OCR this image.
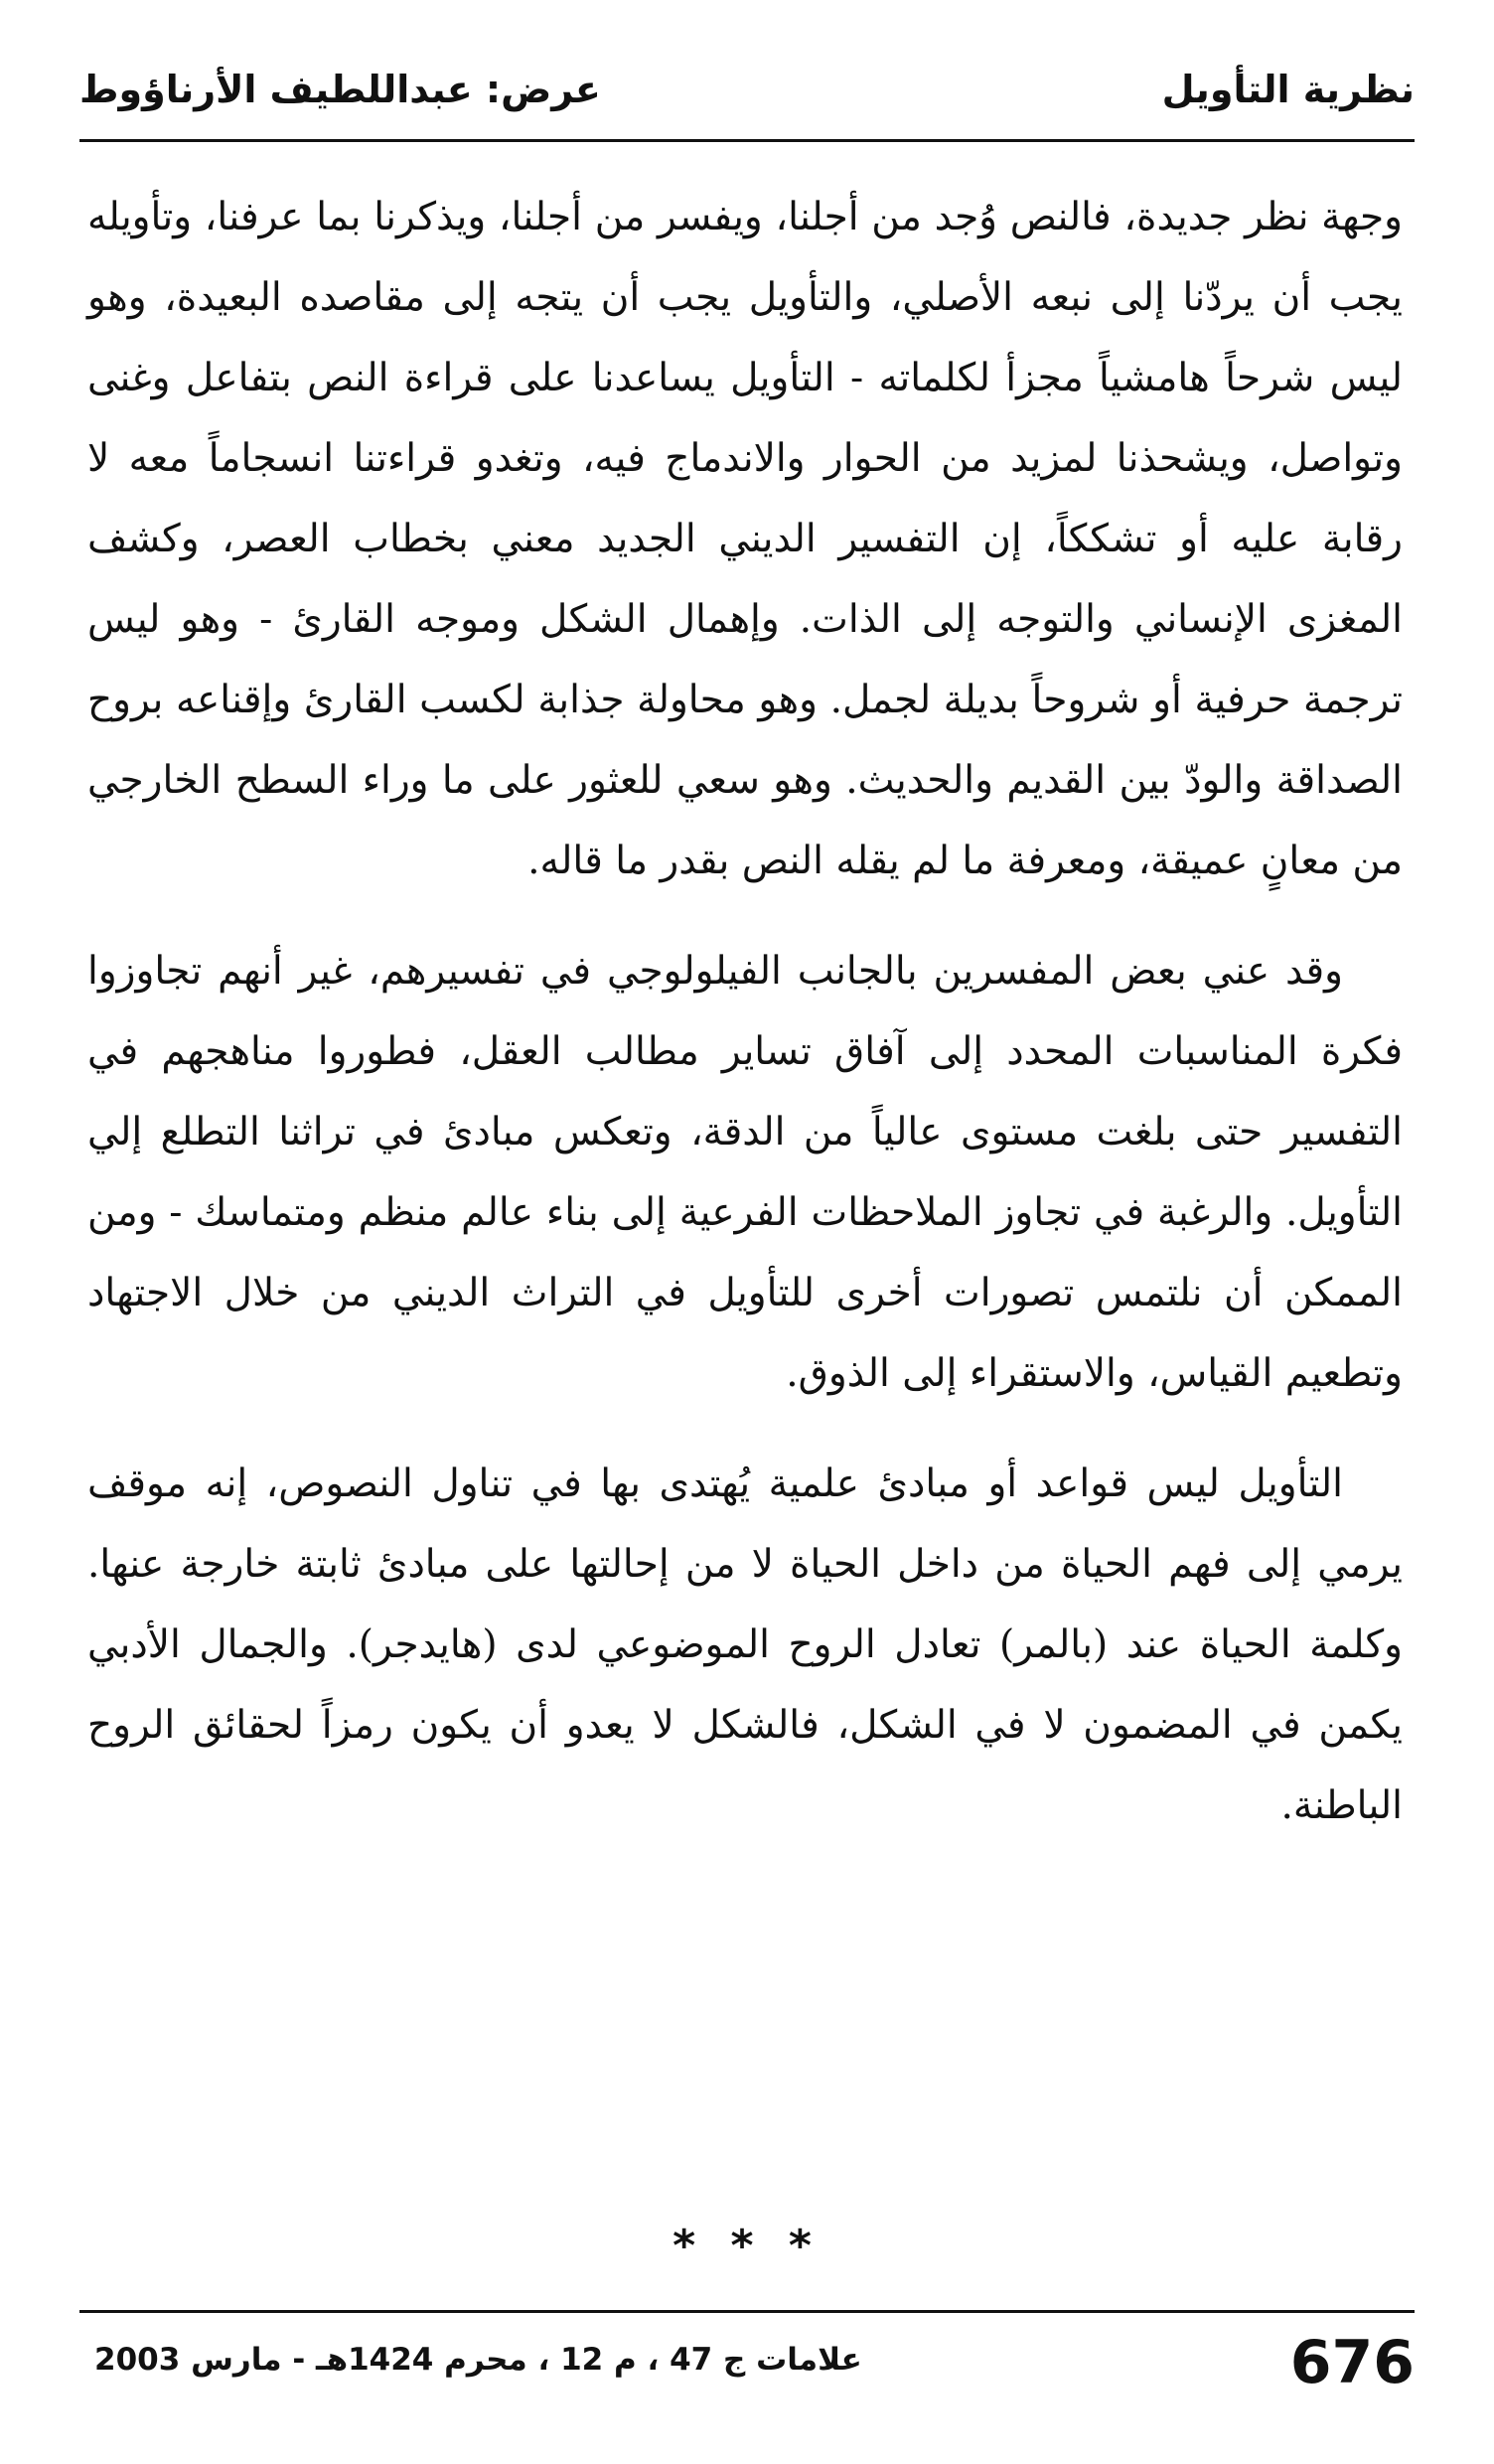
نظرية التأويل
عرض: عبداللطيف الأرناؤوط

وجهة نظر جديدة، فالنص وُجد من أجلنا، ويفسر من أجلنا، ويذكرنا بما عرفنا، وتأويله يجب أن يردّنا إلى نبعه الأصلي، والتأويل يجب أن يتجه إلى مقاصده البعيدة، وهو ليس شرحاً هامشياً مجزأ لكلماته - التأويل يساعدنا على قراءة النص بتفاعل وغنى وتواصل، ويشحذنا لمزيد من الحوار والاندماج فيه، وتغدو قراءتنا انسجاماً معه لا رقابة عليه أو تشككاً، إن التفسير الديني الجديد معني بخطاب العصر، وكشف المغزى الإنساني والتوجه إلى الذات. وإهمال الشكل وموجه القارئ - وهو ليس ترجمة حرفية أو شروحاً بديلة لجمل. وهو محاولة جذابة لكسب القارئ وإقناعه بروح الصداقة والودّ بين القديم والحديث. وهو سعي للعثور على ما وراء السطح الخارجي من معانٍ عميقة، ومعرفة ما لم يقله النص بقدر ما قاله.

وقد عني بعض المفسرين بالجانب الفيلولوجي في تفسيرهم، غير أنهم تجاوزوا فكرة المناسبات المحدد إلى آفاق تساير مطالب العقل، فطوروا مناهجهم في التفسير حتى بلغت مستوى عالياً من الدقة، وتعكس مبادئ في تراثنا التطلع إلي التأويل. والرغبة في تجاوز الملاحظات الفرعية إلى بناء عالم منظم ومتماسك - ومن الممكن أن نلتمس تصورات أخرى للتأويل في التراث الديني من خلال الاجتهاد وتطعيم القياس، والاستقراء إلى الذوق.

التأويل ليس قواعد أو مبادئ علمية يُهتدى بها في تناول النصوص، إنه موقف يرمي إلى فهم الحياة من داخل الحياة لا من إحالتها على مبادئ ثابتة خارجة عنها. وكلمة الحياة عند (بالمر) تعادل الروح الموضوعي لدى (هايدجر). والجمال الأدبي يكمن في المضمون لا في الشكل، فالشكل لا يعدو أن يكون رمزاً لحقائق الروح الباطنة.

* * *
676
علامات ج 47 ، م 12 ، محرم 1424هـ - مارس 2003
